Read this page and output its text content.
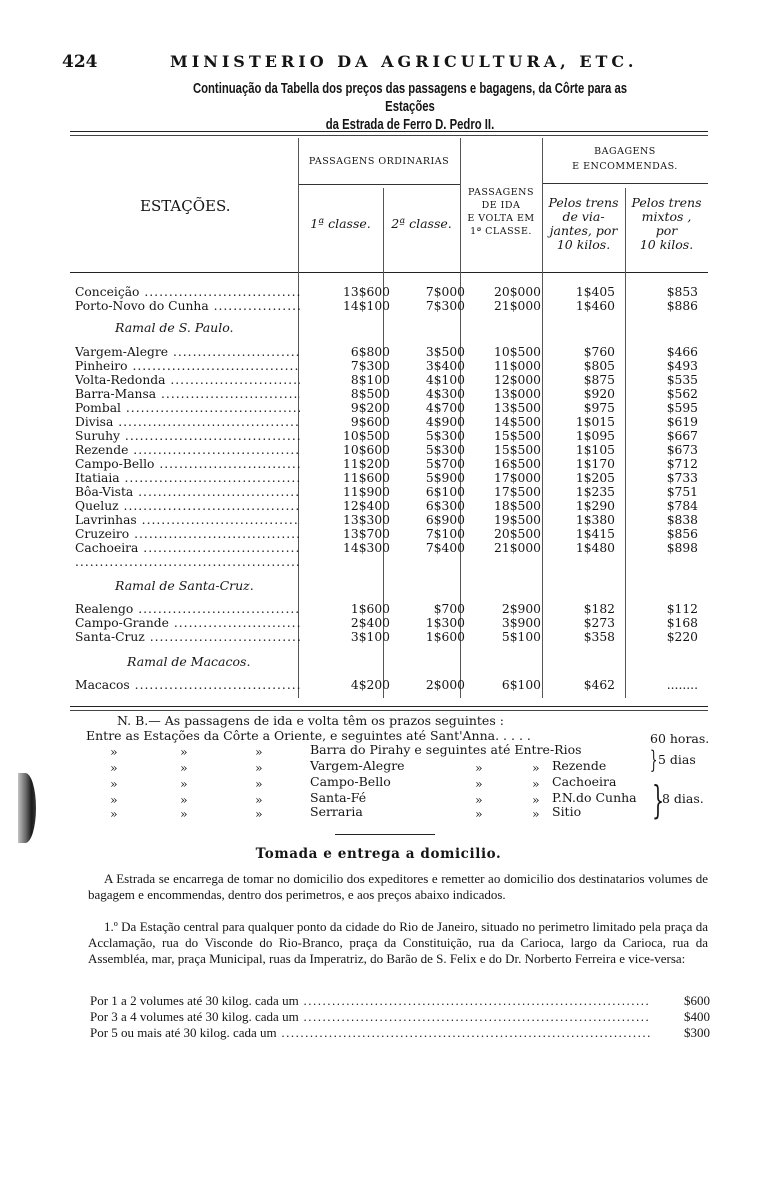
424	MINISTERIO DA AGRICULTURA, ETC.
Continuação da Tabella dos preços das passagens e bagagens, da Côrte para as Estações
da Estrada de Ferro D. Pedro II.
ESTAÇÕES.
PASSAGENS ORDINARIAS
1ª classe.	2ª classe.
PASSAGENS
DE IDA
E VOLTA EM
1ª CLASSE.
BAGAGENS
E ENCOMMENDAS.
Pelos trens
de via-
jantes, por
10 kilos.
Pelos trens
mixtos ,
por
10 kilos.
Conceição .....	13$600	7$000	20$000	1$405	$853
Porto-Novo do Cunha .....	14$100	7$300	21$000	1$460	$886
Ramal de S. Paulo.
Vargem-Alegre .....	6$800	3$500	10$500	$760	$466
Pinheiro .....	7$300	3$400	11$000	$805	$493
Volta-Redonda .....	8$100	4$100	12$000	$875	$535
Barra-Mansa .....	8$500	4$300	13$000	$920	$562
Pombal .....	9$200	4$700	13$500	$975	$595
Divisa .....	9$600	4$900	14$500	1$015	$619
Suruhy .....	10$500	5$300	15$500	1$095	$667
Rezende .....	10$600	5$300	15$500	1$105	$673
Campo-Bello .....	11$200	5$700	16$500	1$170	$712
Itatiaia .....	11$600	5$900	17$000	1$205	$733
Bôa-Vista .....	11$900	6$100	17$500	1$235	$751
Queluz .....	12$400	6$300	18$500	1$290	$784
Lavrinhas .....	13$300	6$900	19$500	1$380	$838
Cruzeiro .....	13$700	7$100	20$500	1$415	$856
Cachoeira .....	14$300	7$400	21$000	1$480	$898
.....
Ramal de Santa-Cruz.
Realengo .....	1$600	$700	2$900	$182	$112
Campo-Grande .....	2$400	1$300	3$900	$273	$168
Santa-Cruz .....	3$100	1$600	5$100	$358	$220
Ramal de Macacos.
Macacos .....	4$200	2$000	6$100	$462	........
N. B.— As passagens de ida e volta têm os prazos seguintes :
Entre as Estações da Côrte a Oriente, e seguintes até Sant'Anna. . . . .	60 horas.
»	»	»	Barra do Pirahy e seguintes até Entre-Rios
»	»	»	Vargem-Alegre	»	» Rezende
»	»	»	Campo-Bello	»	» Cachoeira
»	»	»	Santa-Fé	»	» P.N.do Cunha
»	»	»	Serraria	»	» Sitio
} 5 dias
}
8 dias.
Tomada e entrega a domicilio.
A Estrada se encarrega de tomar no domicilio dos expeditores e remetter ao domicilio dos destinatarios volumes de bagagem e encommendas, dentro dos perimetros, e aos preços abaixo indicados.
1.º Da Estação central para qualquer ponto da cidade do Rio de Janeiro, situado no perimetro limitado pela praça da Acclamação, rua do Visconde do Rio-Branco, praça da Constituição, rua da Carioca, largo da Carioca, rua da Assembléa, mar, praça Municipal, ruas da Imperatriz, do Barão de S. Felix e do Dr. Norberto Ferreira e vice-versa:
Por 1 a 2 volumes até 30 kilog. cada um .....	$600
Por 3 a 4 volumes até 30 kilog. cada um .....	$400
Por 5 ou mais até 30 kilog. cada um .....	$300
